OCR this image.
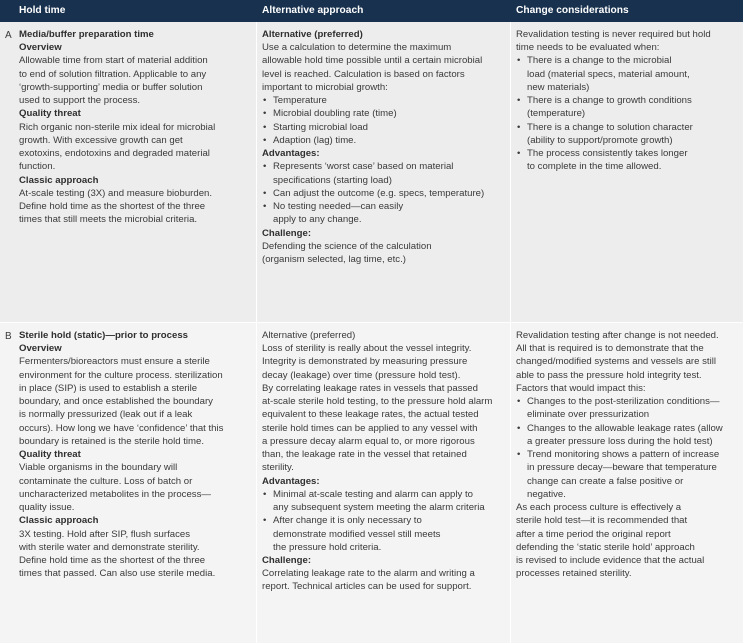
Hold time	Alternative approach	Change considerations
A Media/buffer preparation time

Overview

Allowable time from start of material addition

to end of solution filtration. Applicable to any

‘growth-supporting’ media or buffer solution

used to support the process.

Quality threat

Rich organic non-sterile mix ideal for microbial

growth. With excessive growth can get

exotoxins, endotoxins and degraded material

function.

Classic approach

At-scale testing (3X) and measure bioburden.

Define hold time as the shortest of the three

times that still meets the microbial criteria.

Alternative (preferred)

Use a calculation to determine the maximum

allowable hold time possible until a certain microbial

level is reached. Calculation is based on factors

important to microbial growth:

• Temperature
• Microbial doubling rate (time)
• Starting microbial load
• Adaption (lag) time.

Advantages:

• Represents ‘worst case’ based on material
specifications (starting load)
• Can adjust the outcome (e.g. specs, temperature)
• No testing needed—can easily
apply to any change.

Challenge:

Defending the science of the calculation

(organism selected, lag time, etc.)

Revalidation testing is never required but hold

time needs to be evaluated when:

• There is a change to the microbial
load (material specs, material amount,
new materials)
• There is a change to growth conditions
(temperature)
• There is a change to solution character
(ability to support/promote growth)
• The process consistently takes longer
to complete in the time allowed.
B Sterile hold (static)—prior to process

Overview

Fermenters/bioreactors must ensure a sterile

environment for the culture process. sterilization

in place (SIP) is used to establish a sterile

boundary, and once established the boundary

is normally pressurized (leak out if a leak

occurs). How long we have ‘confidence’ that this

boundary is retained is the sterile hold time.

Quality threat

Viable organisms in the boundary will

contaminate the culture. Loss of batch or

uncharacterized metabolites in the process—

quality issue.

Classic approach

3X testing. Hold after SIP, flush surfaces

with sterile water and demonstrate sterility.

Define hold time as the shortest of the three

times that passed. Can also use sterile media.

Alternative (preferred)

Loss of sterility is really about the vessel integrity.

Integrity is demonstrated by measuring pressure

decay (leakage) over time (pressure hold test).

By correlating leakage rates in vessels that passed

at-scale sterile hold testing, to the pressure hold alarm

equivalent to these leakage rates, the actual tested

sterile hold times can be applied to any vessel with

a pressure decay alarm equal to, or more rigorous

than, the leakage rate in the vessel that retained

sterility.

Advantages:

• Minimal at-scale testing and alarm can apply to
any subsequent system meeting the alarm criteria
• After change it is only necessary to
demonstrate modified vessel still meets
the pressure hold criteria.

Challenge:

Correlating leakage rate to the alarm and writing a

report. Technical articles can be used for support.

Revalidation testing after change is not needed.

All that is required is to demonstrate that the

changed/modified systems and vessels are still

able to pass the pressure hold integrity test.

Factors that would impact this:

• Changes to the post-sterilization conditions—
eliminate over pressurization
• Changes to the allowable leakage rates (allow
a greater pressure loss during the hold test)
• Trend monitoring shows a pattern of increase
in pressure decay—beware that temperature
change can create a false positive or
negative.

As each process culture is effectively a

sterile hold test—it is recommended that

after a time period the original report

defending the ‘static sterile hold’ approach

is revised to include evidence that the actual

processes retained sterility.
